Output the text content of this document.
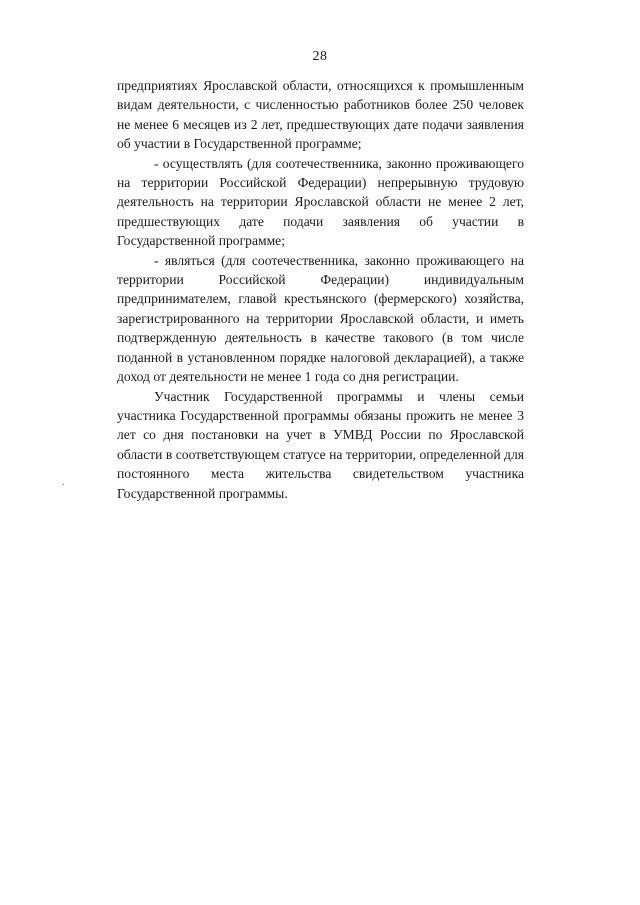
28

предприятиях Ярославской области, относящихся к промышленным видам деятельности, с численностью работников более 250 человек не менее 6 месяцев из 2 лет, предшествующих дате подачи заявления об участии в Государственной программе;

- осуществлять (для соотечественника, законно проживающего на территории Российской Федерации) непрерывную трудовую деятельность на территории Ярославской области не менее 2 лет, предшествующих дате подачи заявления об участии в Государственной программе;

- являться (для соотечественника, законно проживающего на территории Российской Федерации) индивидуальным предпринимателем, главой крестьянского (фермерского) хозяйства, зарегистрированного на территории Ярославской области, и иметь подтвержденную деятельность в качестве такового (в том числе поданной в установленном порядке налоговой декларацией), а также доход от деятельности не менее 1 года со дня регистрации.

Участник Государственной программы и члены семьи участника Государственной программы обязаны прожить не менее 3 лет со дня постановки на учет в УМВД России по Ярославской области в соответствующем статусе на территории, определенной для постоянного места жительства свидетельством участника Государственной программы.
